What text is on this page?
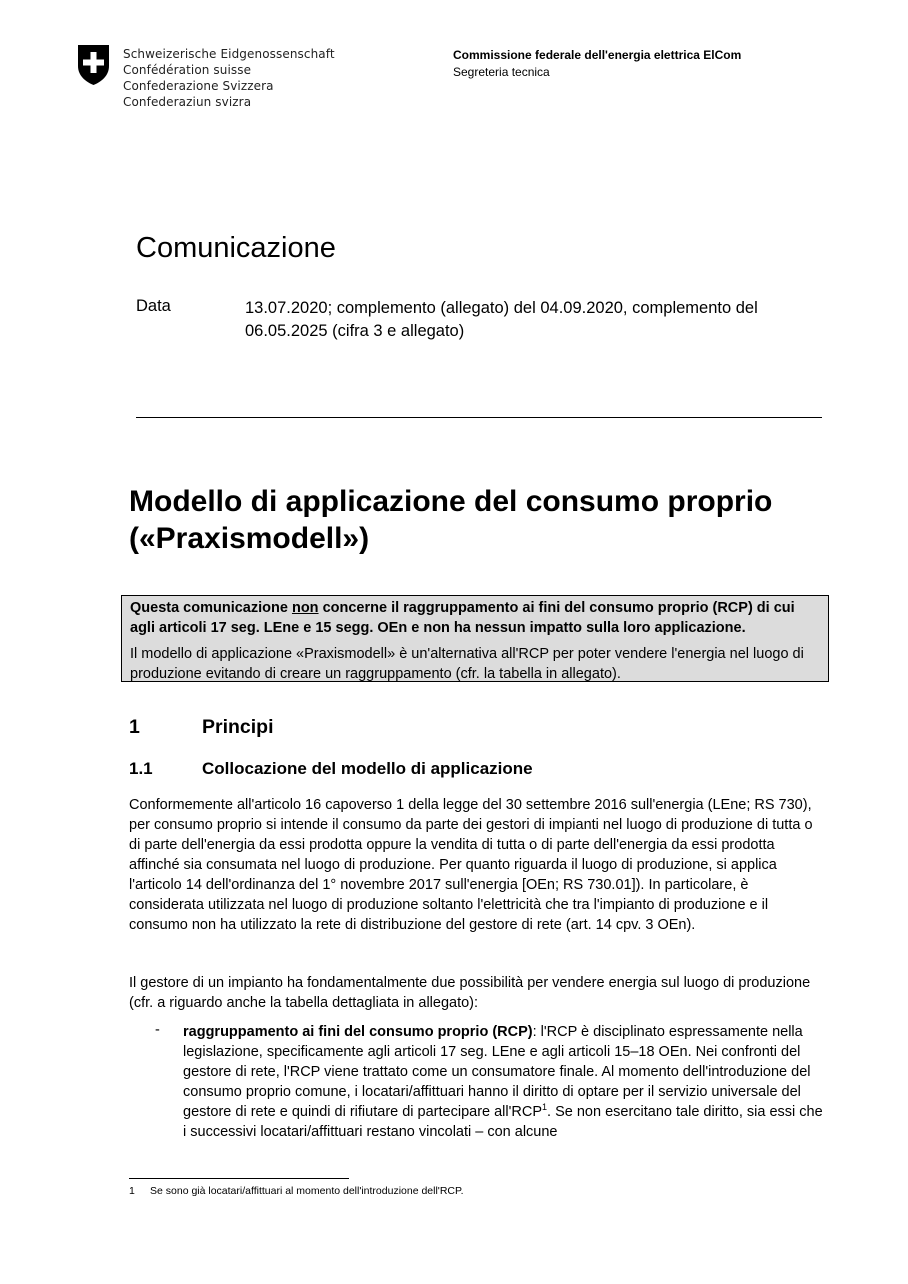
Schweizerische Eidgenossenschaft
Confédération suisse
Confederazione Svizzera
Confederaziun svizra
Commissione federale dell'energia elettrica ElCom
Segreteria tecnica
Comunicazione
Data	13.07.2020; complemento (allegato) del 04.09.2020, complemento del 06.05.2025 (cifra 3 e allegato)
Modello di applicazione del consumo proprio («Praxismodell»)

Questa comunicazione non concerne il raggruppamento ai fini del consumo proprio (RCP) di cui agli articoli 17 seg. LEne e 15 segg. OEn e non ha nessun impatto sulla loro applicazione.

Il modello di applicazione «Praxismodell» è un'alternativa all'RCP per poter vendere l'energia nel luogo di produzione evitando di creare un raggruppamento (cfr. la tabella in allegato).

1	Principi
1.1	Collocazione del modello di applicazione

Conformemente all'articolo 16 capoverso 1 della legge del 30 settembre 2016 sull'energia (LEne; RS 730), per consumo proprio si intende il consumo da parte dei gestori di impianti nel luogo di produzione di tutta o di parte dell'energia da essi prodotta oppure la vendita di tutta o di parte dell'energia da essi prodotta affinché sia consumata nel luogo di produzione. Per quanto riguarda il luogo di produzione, si applica l'articolo 14 dell'ordinanza del 1° novembre 2017 sull'energia [OEn; RS 730.01]). In particolare, è considerata utilizzata nel luogo di produzione soltanto l'elettricità che tra l'impianto di produzione e il consumo non ha utilizzato la rete di distribuzione del gestore di rete (art. 14 cpv. 3 OEn).

Il gestore di un impianto ha fondamentalmente due possibilità per vendere energia sul luogo di produzione (cfr. a riguardo anche la tabella dettagliata in allegato):

- raggruppamento ai fini del consumo proprio (RCP): l'RCP è disciplinato espressamente nella legislazione, specificamente agli articoli 17 seg. LEne e agli articoli 15–18 OEn. Nei confronti del gestore di rete, l'RCP viene trattato come un consumatore finale. Al momento dell'introduzione del consumo proprio comune, i locatari/affittuari hanno il diritto di optare per il servizio universale del gestore di rete e quindi di rifiutare di partecipare all'RCP$^1$. Se non esercitano tale diritto, sia essi che i successivi locatari/affittuari restano vincolati – con alcune

1 Se sono già locatari/affittuari al momento dell'introduzione dell'RCP.
